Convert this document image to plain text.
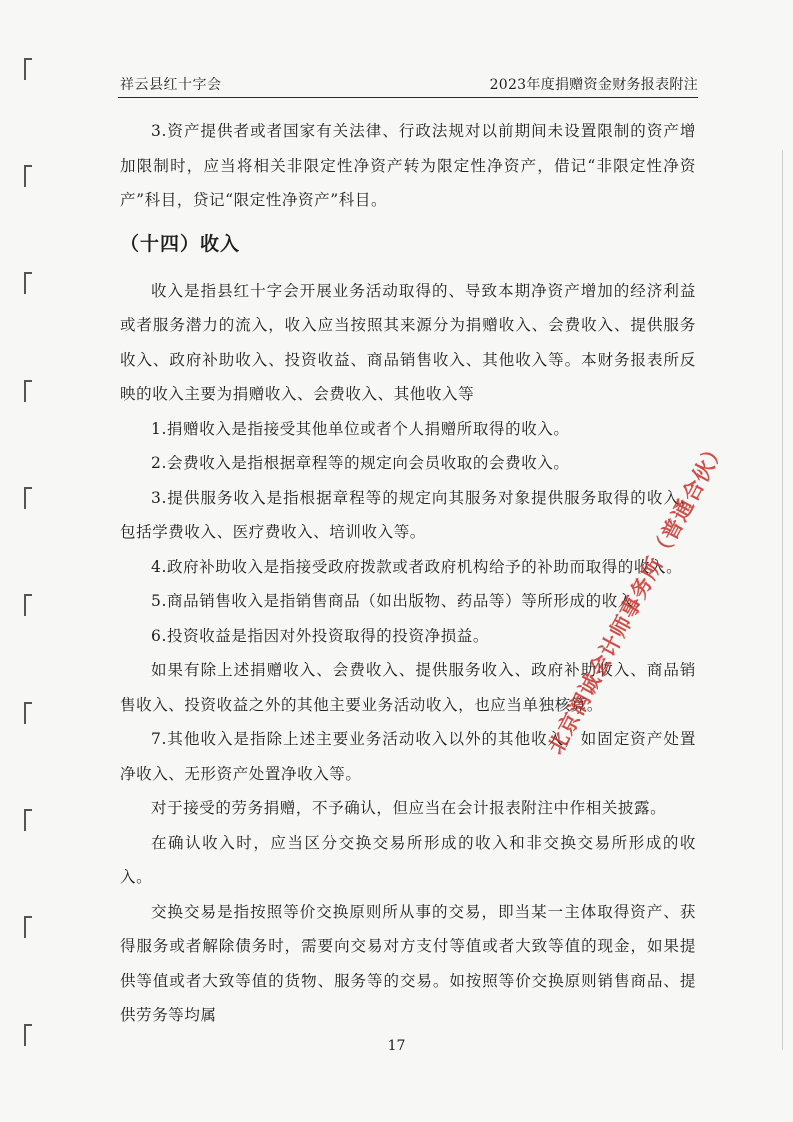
祥云县红十字会	2023年度捐赠资金财务报表附注

3.资产提供者或者国家有关法律、行政法规对以前期间未设置限制的资产增加限制时，应当将相关非限定性净资产转为限定性净资产，借记“非限定性净资产”科目，贷记“限定性净资产”科目。

（十四）收入

收入是指县红十字会开展业务活动取得的、导致本期净资产增加的经济利益或者服务潜力的流入，收入应当按照其来源分为捐赠收入、会费收入、提供服务收入、政府补助收入、投资收益、商品销售收入、其他收入等。本财务报表所反映的收入主要为捐赠收入、会费收入、其他收入等

1.捐赠收入是指接受其他单位或者个人捐赠所取得的收入。

2.会费收入是指根据章程等的规定向会员收取的会费收入。

3.提供服务收入是指根据章程等的规定向其服务对象提供服务取得的收入，包括学费收入、医疗费收入、培训收入等。

4.政府补助收入是指接受政府拨款或者政府机构给予的补助而取得的收入。

5.商品销售收入是指销售商品（如出版物、药品等）等所形成的收入。

6.投资收益是指因对外投资取得的投资净损益。

如果有除上述捐赠收入、会费收入、提供服务收入、政府补助收入、商品销售收入、投资收益之外的其他主要业务活动收入，也应当单独核算。

7.其他收入是指除上述主要业务活动收入以外的其他收入，如固定资产处置净收入、无形资产处置净收入等。

对于接受的劳务捐赠，不予确认，但应当在会计报表附注中作相关披露。

在确认收入时，应当区分交换交易所形成的收入和非交换交易所形成的收入。

交换交易是指按照等价交换原则所从事的交易，即当某一主体取得资产、获得服务或者解除债务时，需要向交易对方支付等值或者大致等值的现金，如果提供等值或者大致等值的货物、服务等的交易。如按照等价交换原则销售商品、提供劳务等均属

北京润诚会计师事务所（普通合伙）
17
